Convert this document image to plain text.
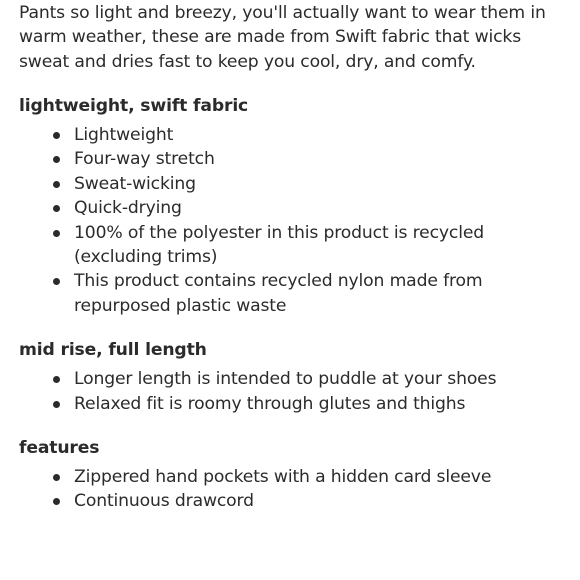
Pants so light and breezy, you'll actually want to wear them in warm weather, these are made from Swift fabric that wicks sweat and dries fast to keep you cool, dry, and comfy.

lightweight, swift fabric
Lightweight
Four-way stretch
Sweat-wicking
Quick-drying
100% of the polyester in this product is recycled (excluding trims)
This product contains recycled nylon made from repurposed plastic waste
mid rise, full length
Longer length is intended to puddle at your shoes
Relaxed fit is roomy through glutes and thighs
features
Zippered hand pockets with a hidden card sleeve
Continuous drawcord
